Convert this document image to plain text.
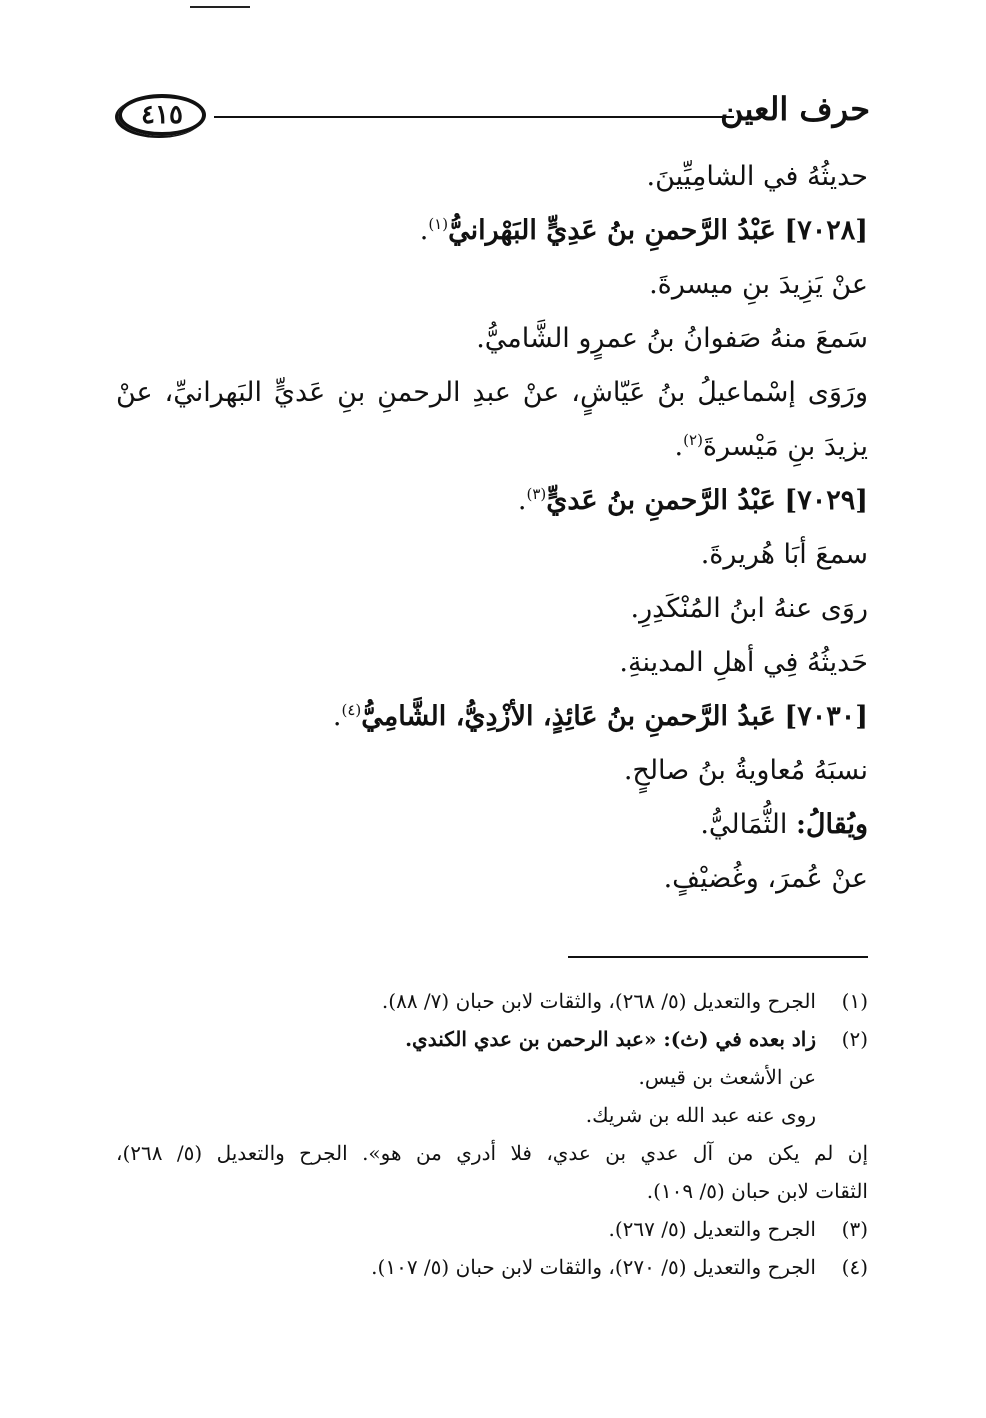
٤١٥	حرف العين

حديثُهُ في الشامِيِّينَ.

[٧٠٢٨] عَبْدُ الرَّحمنِ بنُ عَدِيٍّ البَهْرانيُّ$^{(١)}$.

عنْ يَزِيدَ بنِ ميسرةَ.

سَمعَ منهُ صَفوانُ بنُ عمرٍو الشَّاميُّ.

ورَوَى إسْماعيلُ بنُ عَيّاشٍ، عنْ عبدِ الرحمنِ بنِ عَديٍّ البَهرانيِّ، عنْ

يزيدَ بنِ مَيْسرةَ$^{(٢)}$.

[٧٠٢٩] عَبْدُ الرَّحمنِ بنُ عَديٍّ$^{(٣)}$.

سمعَ أبَا هُريرةَ.

روَى عنهُ ابنُ المُنْكَدِرِ.

حَديثُهُ فِي أهلِ المدينةِ.

[٧٠٣٠] عَبدُ الرَّحمنِ بنُ عَائِذٍ، الأزْدِيُّ، الشَّامِيُّ$^{(٤)}$.

نسبَهُ مُعاويةُ بنُ صالحٍ.

ويُقالُ: الثُّمَاليُّ.

عنْ عُمرَ، وغُضيْفٍ.

(١)
الجرح والتعديل (٥/ ٢٦٨)، والثقات لابن حبان (٧/ ٨٨).

(٢)
زاد بعده في (ث): «عبد الرحمن بن عدي الكندي.

عن الأشعث بن قيس.

روى عنه عبد الله بن شريك.

إن لم يكن من آل عدي بن عدي، فلا أدري من هو». الجرح والتعديل (٥/ ٢٦٨)،

الثقات لابن حبان (٥/ ١٠٩).

(٣)
الجرح والتعديل (٥/ ٢٦٧).

(٤)
الجرح والتعديل (٥/ ٢٧٠)، والثقات لابن حبان (٥/ ١٠٧).
